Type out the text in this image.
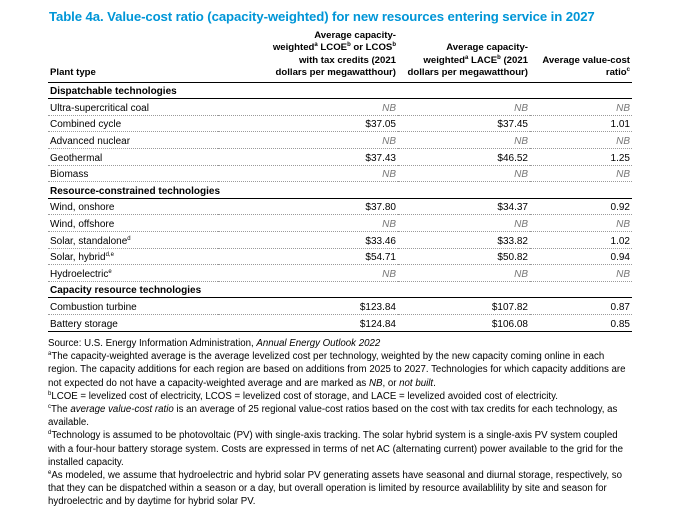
Table 4a. Value-cost ratio (capacity-weighted) for new resources entering service in 2027
Plant type	Average capacity-
weighted$^a$ LCOE$^b$ or LCOS$^b$
with tax credits (2021
dollars per megawatthour)	Average capacity-
weighted$^a$ LACE$^b$ (2021
dollars per megawatthour)	Average value-cost ratio$^c$
Dispatchable technologies			
Ultra-supercritical coal	NB	NB	NB
Combined cycle	$37.05	$37.45	1.01
Advanced nuclear	NB	NB	NB
Geothermal	$37.43	$46.52	1.25
Biomass	NB	NB	NB
Resource-constrained technologies			
Wind, onshore	$37.80	$34.37	0.92
Wind, offshore	NB	NB	NB
Solar, standalone$^d$	$33.46	$33.82	1.02
Solar, hybrid$^{d,e}$	$54.71	$50.82	0.94
Hydroelectric$^e$	NB	NB	NB
Capacity resource technologies			
Combustion turbine	$123.84	$107.82	0.87
Battery storage	$124.84	$106.08	0.85

Source: U.S. Energy Information Administration, Annual Energy Outlook 2022

$^a$The capacity-weighted average is the average levelized cost per technology, weighted by the new capacity coming online in each region. The capacity additions for each region are based on additions from 2025 to 2027. Technologies for which capacity additions are not expected do not have a capacity-weighted average and are marked as NB, or not built.

$^b$LCOE = levelized cost of electricity, LCOS = levelized cost of storage, and LACE = levelized avoided cost of electricity.

$^c$The average value-cost ratio is an average of 25 regional value-cost ratios based on the cost with tax credits for each technology, as available.

$^d$Technology is assumed to be photovoltaic (PV) with single-axis tracking. The solar hybrid system is a single-axis PV system coupled with a four-hour battery storage system. Costs are expressed in terms of net AC (alternating current) power available to the grid for the installed capacity.

$^e$As modeled, we assume that hydroelectric and hybrid solar PV generating assets have seasonal and diurnal storage, respectively, so that they can be dispatched within a season or a day, but overall operation is limited by resource availablility by site and season for hydroelectric and by daytime for hybrid solar PV.
